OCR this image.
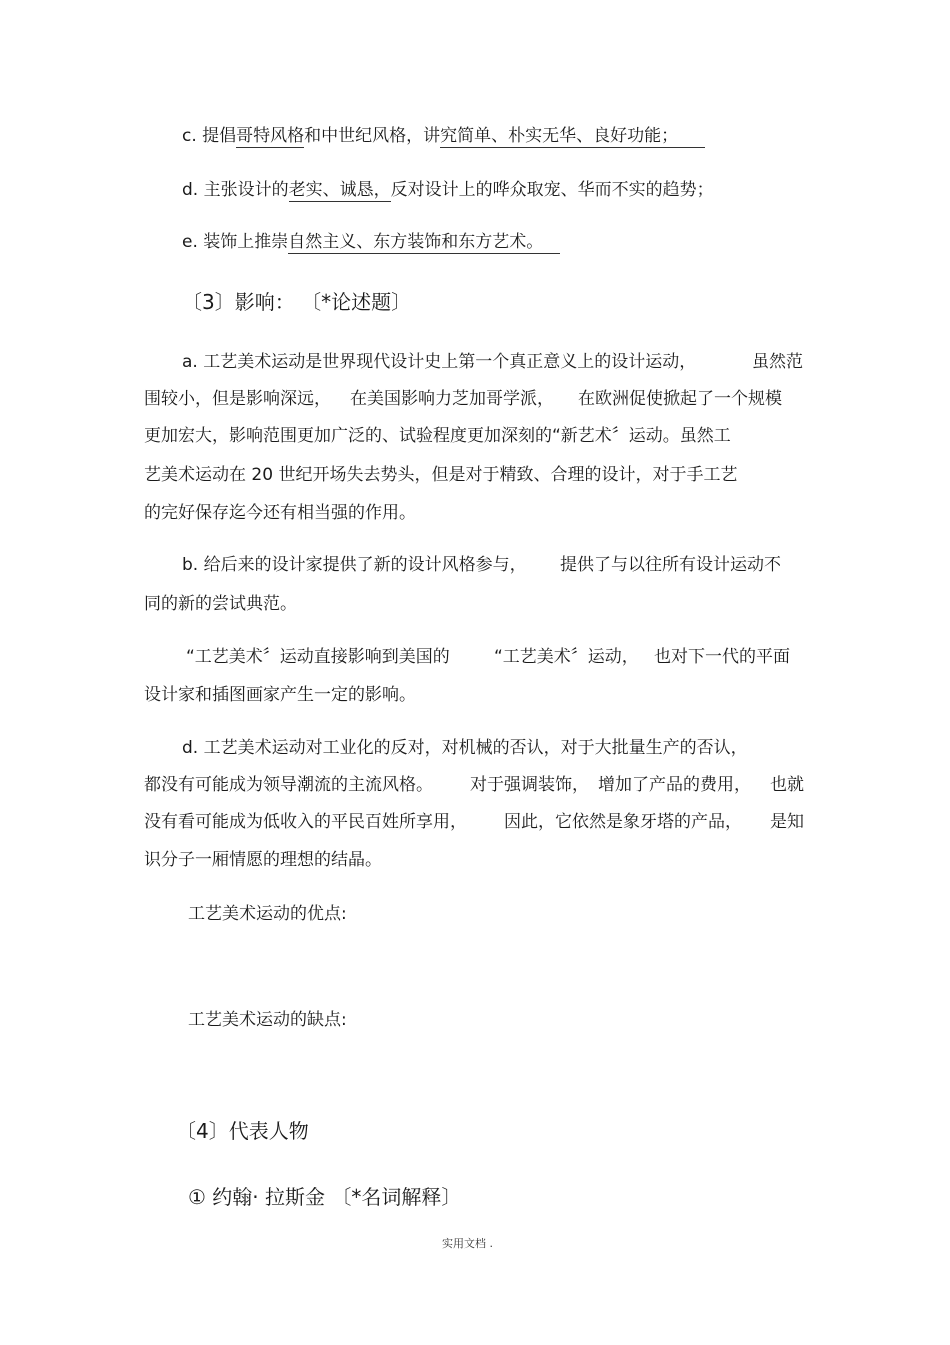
c. 提倡哥特风格和中世纪风格，讲究简单、朴实无华、良好功能；
d. 主张设计的老实、诚恳，反对设计上的哗众取宠、华而不实的趋势；
e. 装饰上推崇自然主义、东方装饰和东方艺术。
〔3〕影响： 〔*论述题〕
a. 工艺美术运动是世界现代设计史上第一个真正意义上的设计运动，	虽然范
围较小，但是影响深远， 在美国影响力芝加哥学派， 在欧洲促使掀起了一个规模
更加宏大，影响范围更加广泛的、试验程度更加深刻的“新艺术〞运动。虽然工
艺美术运动在 20 世纪开场失去势头，但是对于精致、合理的设计，对于手工艺
的完好保存迄今还有相当强的作用。
b. 给后来的设计家提供了新的设计风格参与， 提供了与以往所有设计运动不
同的新的尝试典范。
“工艺美术〞运动直接影响到美国的	“工艺美术〞运动， 也对下一代的平面
设计家和插图画家产生一定的影响。
d. 工艺美术运动对工业化的反对，对机械的否认，对于大批量生产的否认，
都没有可能成为领导潮流的主流风格。 对于强调装饰， 增加了产品的费用， 也就
没有看可能成为低收入的平民百姓所享用， 因此，它依然是象牙塔的产品， 是知
识分子一厢情愿的理想的结晶。
工艺美术运动的优点:
工艺美术运动的缺点:
〔4〕代表人物
① 约翰· 拉斯金 〔*名词解释〕
实用文档 .
